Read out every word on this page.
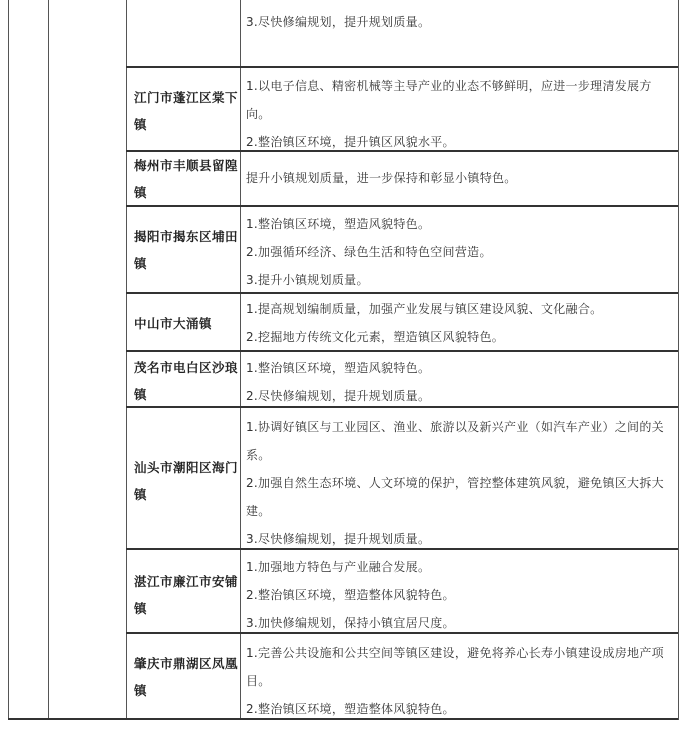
3.尽快修编规划，提升规划质量。
江门市蓬江区棠下镇
1.以电子信息、精密机械等主导产业的业态不够鲜明，应进一步理清发展方向。
2.整治镇区环境，提升镇区风貌水平。
梅州市丰顺县留隍镇
提升小镇规划质量，进一步保持和彰显小镇特色。
揭阳市揭东区埔田镇
1.整治镇区环境，塑造风貌特色。
2.加强循环经济、绿色生活和特色空间营造。
3.提升小镇规划质量。
中山市大涌镇
1.提高规划编制质量，加强产业发展与镇区建设风貌、文化融合。
2.挖掘地方传统文化元素，塑造镇区风貌特色。
茂名市电白区沙琅镇
1.整治镇区环境，塑造风貌特色。
2.尽快修编规划，提升规划质量。
汕头市潮阳区海门镇
1.协调好镇区与工业园区、渔业、旅游以及新兴产业（如汽车产业）之间的关系。
2.加强自然生态环境、人文环境的保护，管控整体建筑风貌，避免镇区大拆大建。
3.尽快修编规划，提升规划质量。
湛江市廉江市安铺镇
1.加强地方特色与产业融合发展。
2.整治镇区环境，塑造整体风貌特色。
3.加快修编规划，保持小镇宜居尺度。
肇庆市鼎湖区凤凰镇
1.完善公共设施和公共空间等镇区建设，避免将养心长寿小镇建设成房地产项目。
2.整治镇区环境，塑造整体风貌特色。
